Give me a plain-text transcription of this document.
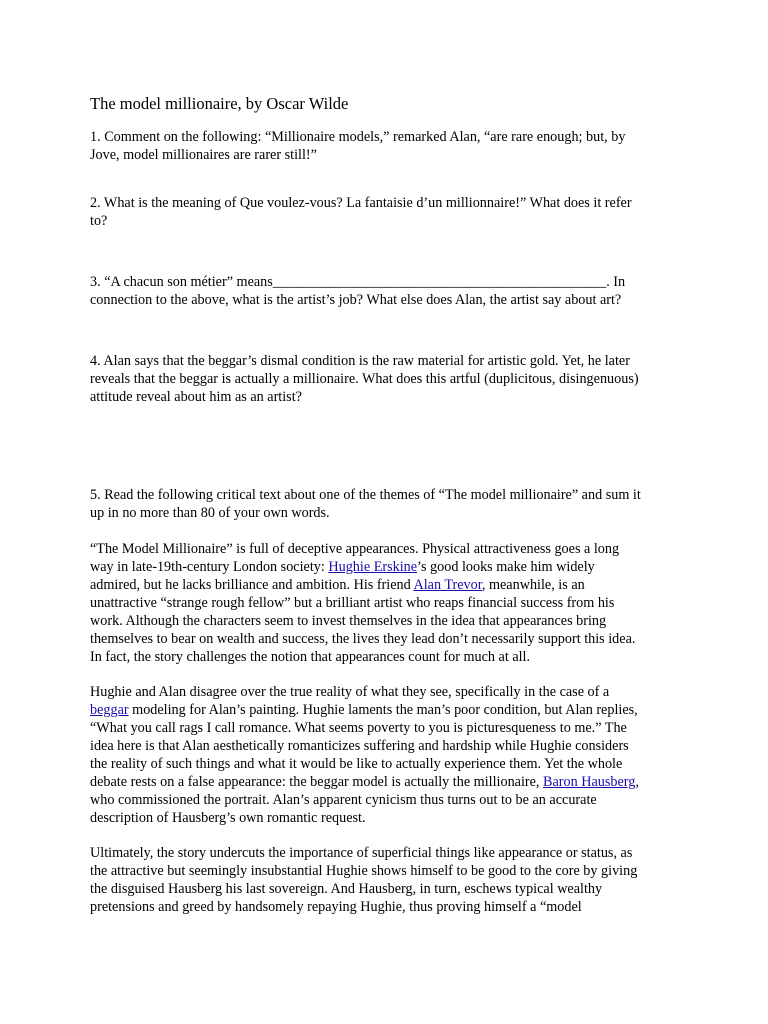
The model millionaire, by Oscar Wilde

1. Comment on the following: “Millionaire models,” remarked Alan, “are rare enough; but, by
Jove, model millionaires are rarer still!”

2. What is the meaning of Que voulez-vous? La fantaisie d’un millionnaire!” What does it refer
to?

3. “A chacun son métier” means_______________________________________________. In
connection to the above, what is the artist’s job? What else does Alan, the artist say about art?

4. Alan says that the beggar’s dismal condition is the raw material for artistic gold. Yet, he later
reveals that the beggar is actually a millionaire. What does this artful (duplicitous, disingenuous)
attitude reveal about him as an artist?

5. Read the following critical text about one of the themes of “The model millionaire” and sum it
up in no more than 80 of your own words.

“The Model Millionaire” is full of deceptive appearances. Physical attractiveness goes a long
way in late-19th-century London society: Hughie Erskine’s good looks make him widely
admired, but he lacks brilliance and ambition. His friend Alan Trevor, meanwhile, is an
unattractive “strange rough fellow” but a brilliant artist who reaps financial success from his
work. Although the characters seem to invest themselves in the idea that appearances bring
themselves to bear on wealth and success, the lives they lead don’t necessarily support this idea.
In fact, the story challenges the notion that appearances count for much at all.

Hughie and Alan disagree over the true reality of what they see, specifically in the case of a
beggar modeling for Alan’s painting. Hughie laments the man’s poor condition, but Alan replies,
“What you call rags I call romance. What seems poverty to you is picturesqueness to me.” The
idea here is that Alan aesthetically romanticizes suffering and hardship while Hughie considers
the reality of such things and what it would be like to actually experience them. Yet the whole
debate rests on a false appearance: the beggar model is actually the millionaire, Baron Hausberg,
who commissioned the portrait. Alan’s apparent cynicism thus turns out to be an accurate
description of Hausberg’s own romantic request.

Ultimately, the story undercuts the importance of superficial things like appearance or status, as
the attractive but seemingly insubstantial Hughie shows himself to be good to the core by giving
the disguised Hausberg his last sovereign. And Hausberg, in turn, eschews typical wealthy
pretensions and greed by handsomely repaying Hughie, thus proving himself a “model
